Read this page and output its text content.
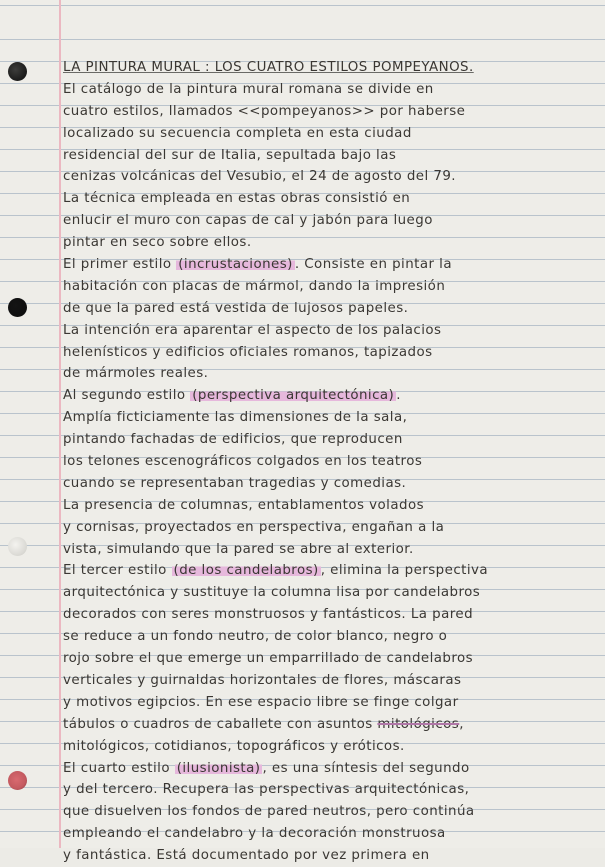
LA PINTURA MURAL : LOS CUATRO ESTILOS POMPEYANOS.
El catálogo de la pintura mural romana se divide en
cuatro estilos, llamados <<pompeyanos>> por haberse
localizado su secuencia completa en esta ciudad
residencial del sur de Italia, sepultada bajo las
cenizas volcánicas del Vesubio, el 24 de agosto del 79.
La técnica empleada en estas obras consistió en
enlucir el muro con capas de cal y jabón para luego
pintar en seco sobre ellos.
El primer estilo (incrustaciones) . Consiste en pintar la
habitación con placas de mármol, dando la impresión
de que la pared está vestida de lujosos papeles.
La intención era aparentar el aspecto de los palacios
helenísticos y edificios oficiales romanos, tapizados
de mármoles reales.
Al segundo estilo (perspectiva arquitectónica) .
Amplía ficticiamente las dimensiones de la sala,
pintando fachadas de edificios, que reproducen
los telones escenográficos colgados en los teatros
cuando se representaban tragedias y comedias.
La presencia de columnas, entablamentos volados
y cornisas, proyectados en perspectiva, engañan a la
vista, simulando que la pared se abre al exterior.
El tercer estilo (de los candelabros) , elimina la perspectiva
arquitectónica y sustituye la columna lisa por candelabros
decorados con seres monstruosos y fantásticos. La pared
se reduce a un fondo neutro, de color blanco, negro o
rojo sobre el que emerge un emparrillado de candelabros
verticales y guirnaldas horizontales de flores, máscaras
y motivos egipcios. En ese espacio libre se finge colgar
tábulos o cuadros de caballete con asuntos mitológicos,
mitológicos, cotidianos, topográficos y eróticos.
El cuarto estilo (ilusionista) , es una síntesis del segundo
y del tercero. Recupera las perspectivas arquitectónicas,
que disuelven los fondos de pared neutros, pero continúa
empleando el candelabro y la decoración monstruosa
y fantástica. Está documentado por vez primera en
